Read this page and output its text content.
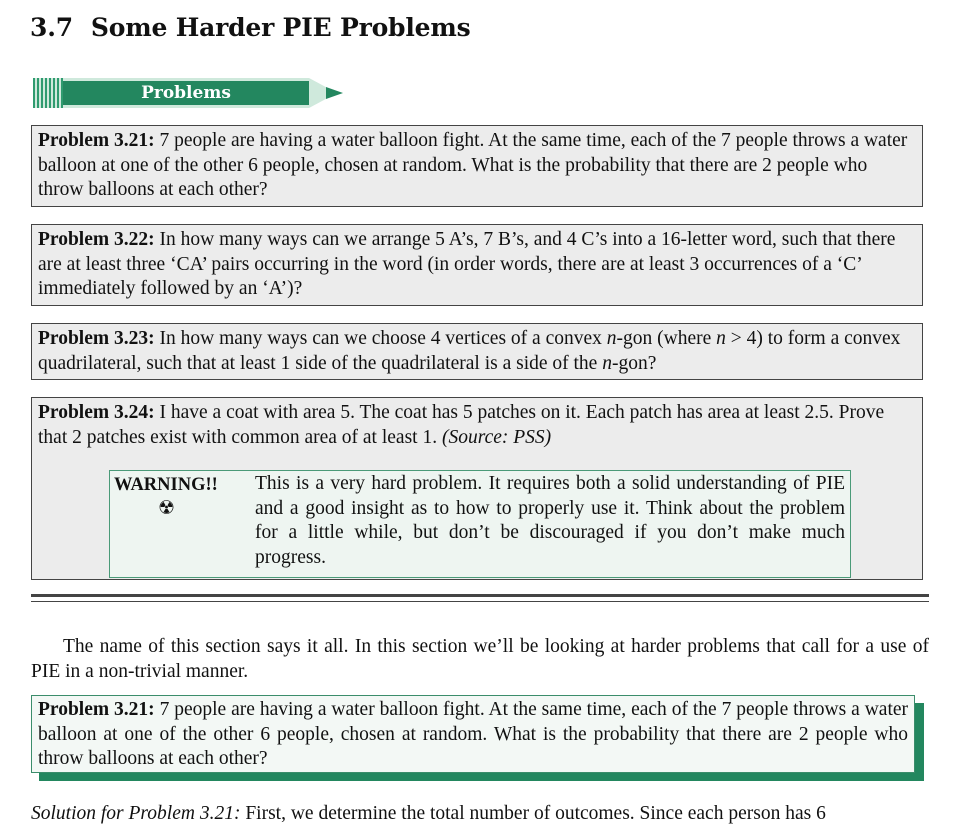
3.7 Some Harder PIE Problems
Problems
Problem 3.21: 7 people are having a water balloon fight. At the same time, each of the 7 people throws a water balloon at one of the other 6 people, chosen at random. What is the probability that there are 2 people who throw balloons at each other?
Problem 3.22: In how many ways can we arrange 5 A’s, 7 B’s, and 4 C’s into a 16-letter word, such that there are at least three ‘CA’ pairs occurring in the word (in order words, there are at least 3 occurrences of a ‘C’ immediately followed by an ‘A’)?
Problem 3.23: In how many ways can we choose 4 vertices of a convex n-gon (where n > 4) to form a convex quadrilateral, such that at least 1 side of the quadrilateral is a side of the n-gon?
Problem 3.24: I have a coat with area 5. The coat has 5 patches on it. Each patch has area at least 2.5. Prove that 2 patches exist with common area of at least 1. (Source: PSS)
WARNING!!
☢
This is a very hard problem. It requires both a solid understanding of PIE and a good insight as to how to properly use it. Think about the problem for a little while, but don’t be discouraged if you don’t make much progress.
The name of this section says it all. In this section we’ll be looking at harder problems that call for a use of PIE in a non-trivial manner.
Problem 3.21: 7 people are having a water balloon fight. At the same time, each of the 7 people throws a water balloon at one of the other 6 people, chosen at random. What is the probability that there are 2 people who throw balloons at each other?
Solution for Problem 3.21: First, we determine the total number of outcomes. Since each person has 6
